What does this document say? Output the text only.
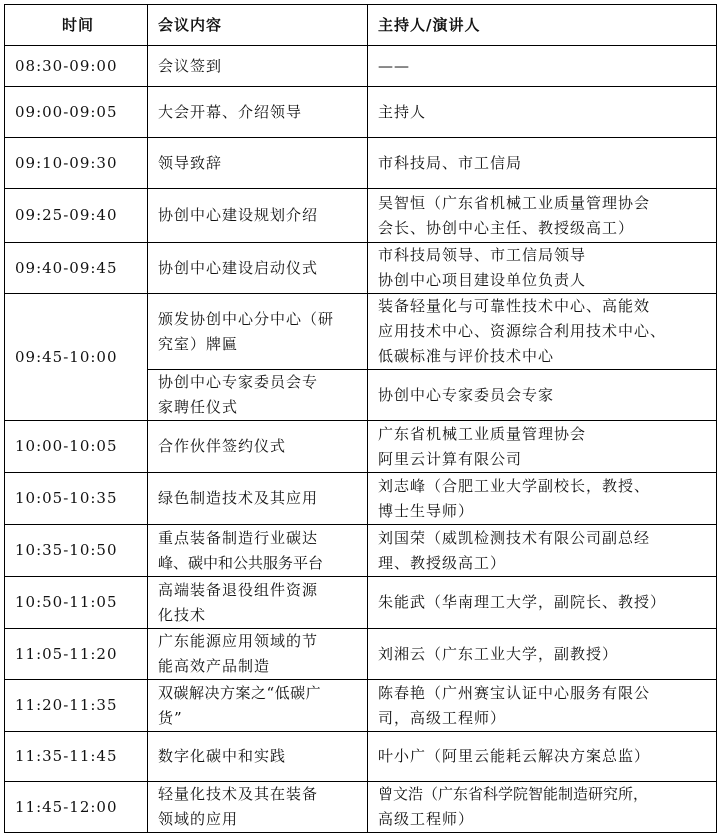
时间	会议内容	主持人/演讲人
08:30-09:00	会议签到	——

09:00-09:05	大会开幕、介绍领导	主持人

09:10-09:30	领导致辞	市科技局、市工信局

09:25-09:40	协创中心建设规划介绍	吴智恒（广东省机械工业质量管理协会
会长、协创中心主任、教授级高工）

09:40-09:45	协创中心建设启动仪式	市科技局领导、市工信局领导
协创中心项目建设单位负责人

09:45-10:00	颁发协创中心分中心（研
究室）牌匾	装备轻量化与可靠性技术中心、高能效
应用技术中心、资源综合利用技术中心、
低碳标准与评价技术中心

	协创中心专家委员会专
家聘任仪式	协创中心专家委员会专家

10:00-10:05	合作伙伴签约仪式	广东省机械工业质量管理协会
阿里云计算有限公司

10:05-10:35	绿色制造技术及其应用	刘志峰（合肥工业大学副校长，教授、
博士生导师）

10:35-10:50	重点装备制造行业碳达
峰、碳中和公共服务平台	刘国荣（威凯检测技术有限公司副总经
理、教授级高工）

10:50-11:05	高端装备退役组件资源
化技术	朱能武（华南理工大学，副院长、教授）

11:05-11:20	广东能源应用领域的节
能高效产品制造	刘湘云（广东工业大学，副教授）

11:20-11:35	双碳解决方案之“低碳广
货”	陈春艳（广州赛宝认证中心服务有限公
司，高级工程师）

11:35-11:45	数字化碳中和实践	叶小广（阿里云能耗云解决方案总监）

11:45-12:00	轻量化技术及其在装备
领域的应用	曾文浩（广东省科学院智能制造研究所，
高级工程师）
